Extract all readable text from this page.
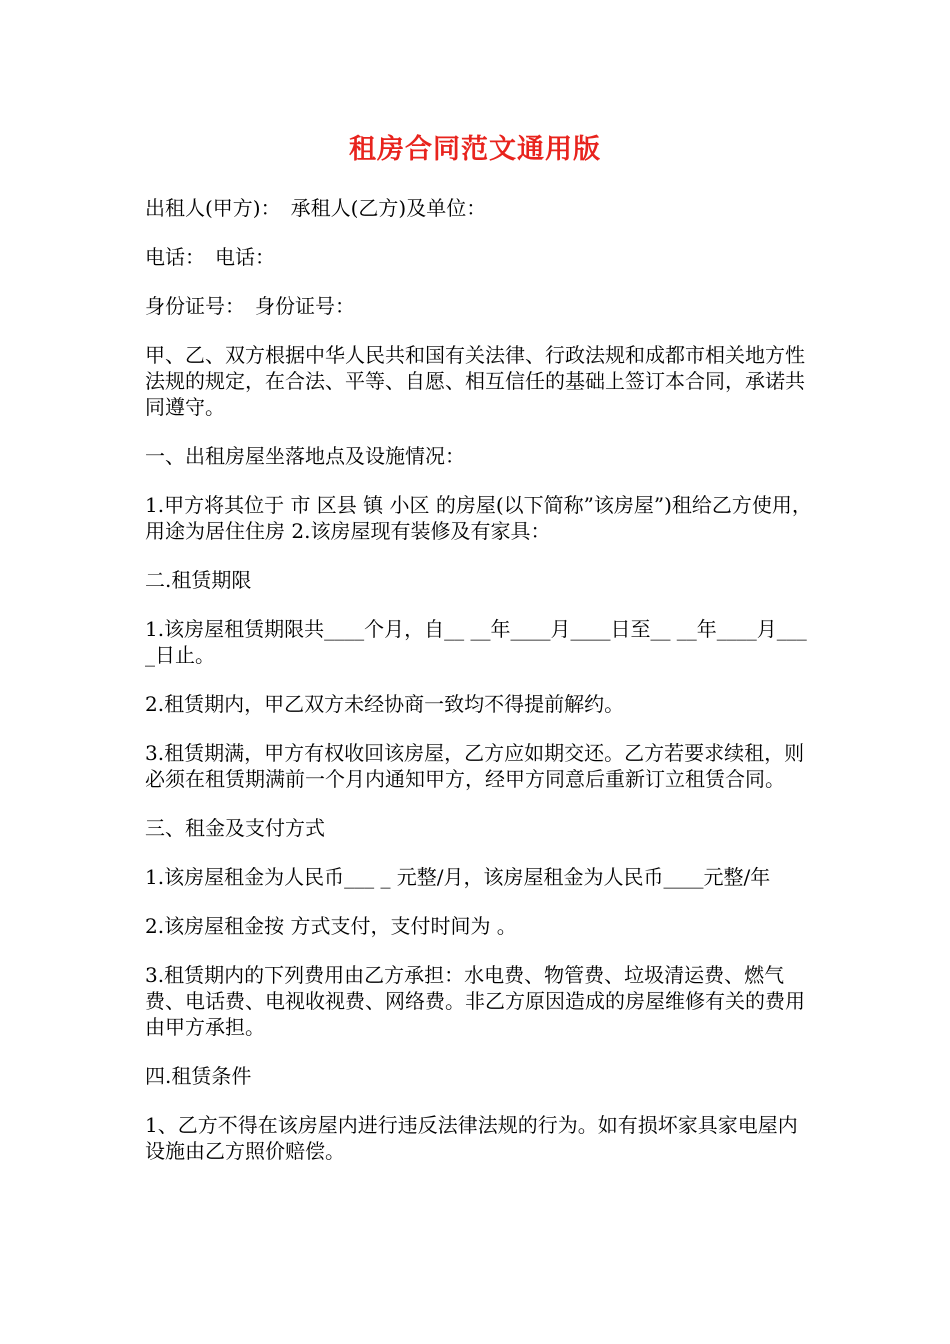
租房合同范文通用版

出租人(甲方)：　承租人(乙方)及单位：

电话：　电话：

身份证号：　身份证号：

甲、乙、双方根据中华人民共和国有关法律、行政法规和成都市相关地方性法规的规定，在合法、平等、自愿、相互信任的基础上签订本合同，承诺共同遵守。

一、出租房屋坐落地点及设施情况：

1.甲方将其位于 市 区县 镇 小区 的房屋(以下简称”该房屋”)租给乙方使用，用途为居住住房 2.该房屋现有装修及有家具：

二.租赁期限

1.该房屋租赁期限共____个月，自__ __年____月____日至__ __年____月____日止。

2.租赁期内，甲乙双方未经协商一致均不得提前解约。

3.租赁期满，甲方有权收回该房屋，乙方应如期交还。乙方若要求续租，则必须在租赁期满前一个月内通知甲方，经甲方同意后重新订立租赁合同。

三、租金及支付方式

1.该房屋租金为人民币___ _ 元整/月，该房屋租金为人民币____元整/年

2.该房屋租金按 方式支付，支付时间为 。

3.租赁期内的下列费用由乙方承担：水电费、物管费、垃圾清运费、燃气费、电话费、电视收视费、网络费。非乙方原因造成的房屋维修有关的费用由甲方承担。

四.租赁条件

1、乙方不得在该房屋内进行违反法律法规的行为。如有损坏家具家电屋内设施由乙方照价赔偿。
